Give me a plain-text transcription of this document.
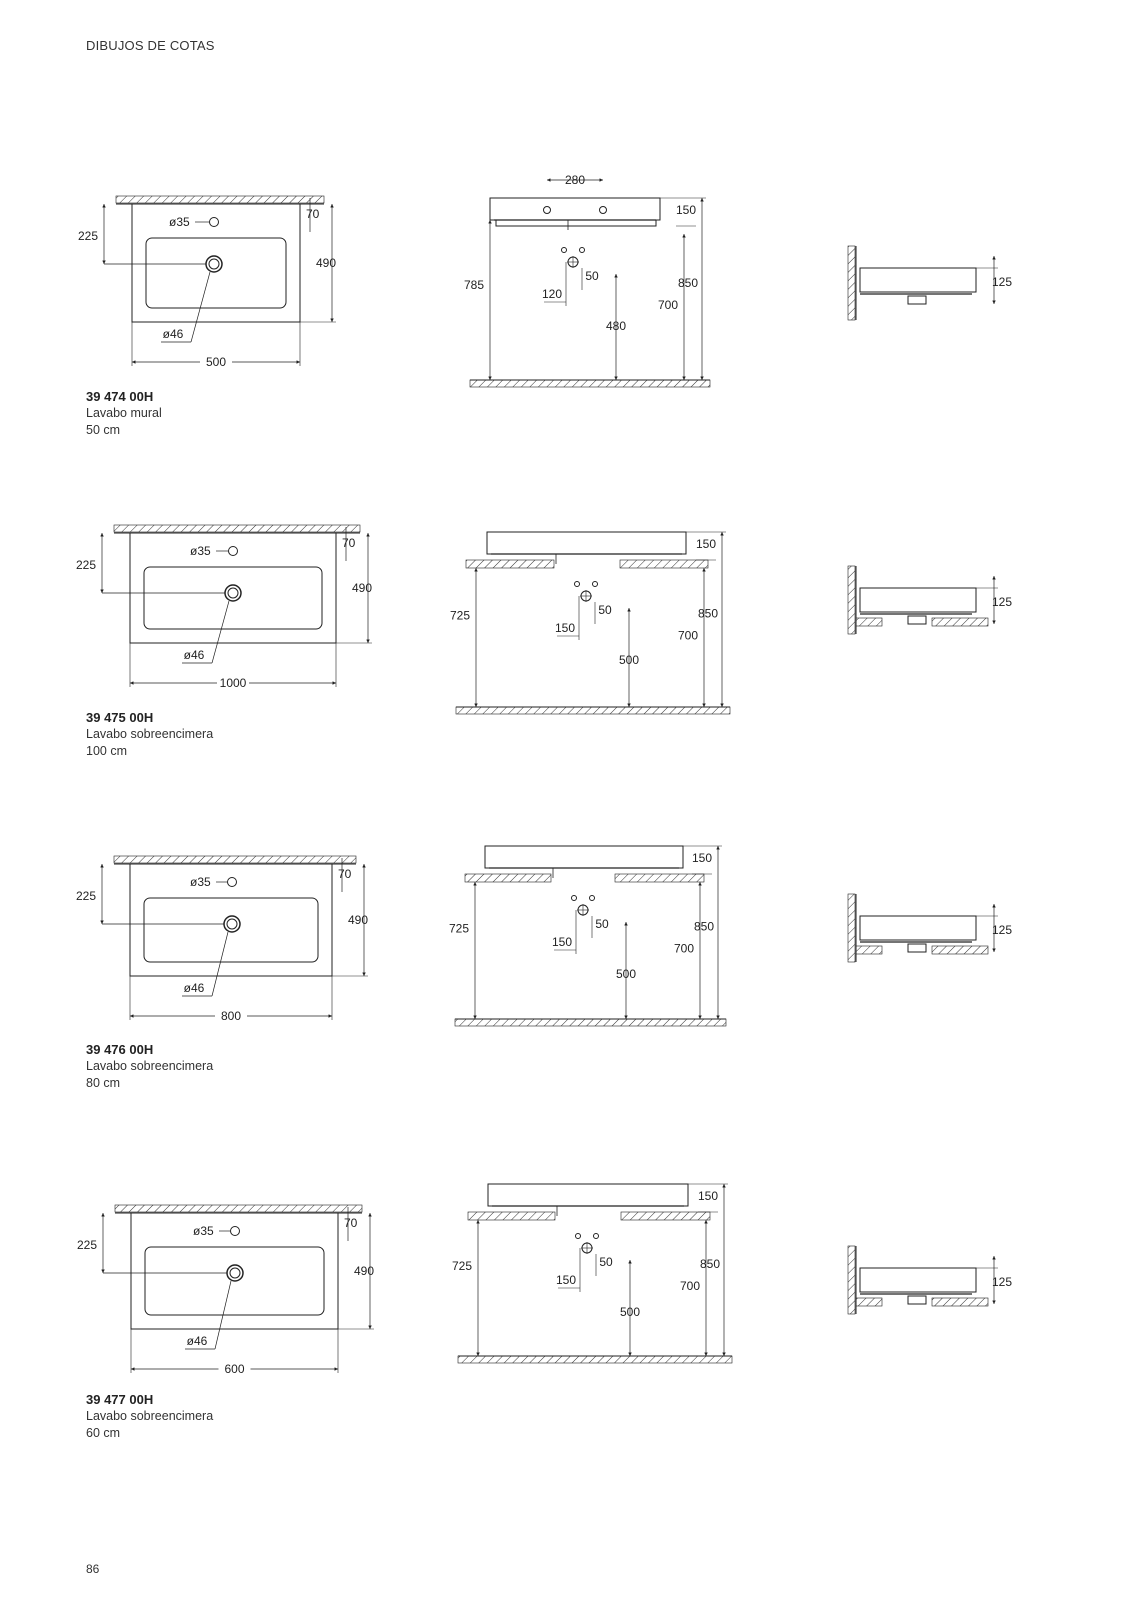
DIBUJOS DE COTAS
ø35
ø46
225
70
490
500
280
50
120
480
785
150
700
850	125
ø35
ø46
225
70
490
1000
50
150
500
725
150
700
850
125
ø35
ø46
225
70
490
800
50
150
500
725
150
700
850	125
ø35
ø46
225
70
490
600
50
150
500
725
150
700
850
125
39 474 00H
Lavabo mural
50 cm
39 475 00H
Lavabo sobreencimera
100 cm
39 476 00H
Lavabo sobreencimera
80 cm
39 477 00H
Lavabo sobreencimera
60 cm
86
